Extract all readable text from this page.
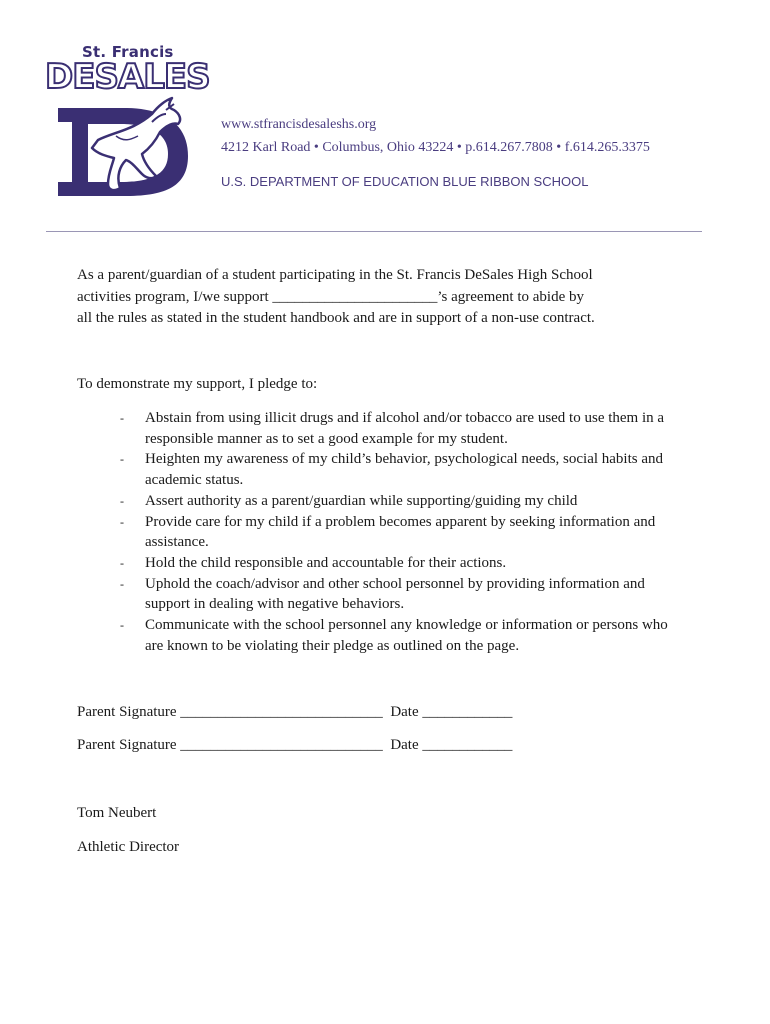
St. Francis
DESALES
www.stfrancisdesaleshs.org
4212 Karl Road • Columbus, Ohio 43224 • p.614.267.7808 • f.614.265.3375
U.S. DEPARTMENT OF EDUCATION BLUE RIBBON SCHOOL
As a parent/guardian of a student participating in the St. Francis DeSales High School
activities program, I/we support ______________________’s agreement to abide by
all the rules as stated in the student handbook and are in support of a non-use contract.
To demonstrate my support, I pledge to:
- Abstain from using illicit drugs and if alcohol and/or tobacco are used to use them in a responsible manner as to set a good example for my student.
- Heighten my awareness of my child’s behavior, psychological needs, social habits and academic status.
- Assert authority as a parent/guardian while supporting/guiding my child
- Provide care for my child if a problem becomes apparent by seeking information and assistance.
- Hold the child responsible and accountable for their actions.
- Uphold the coach/advisor and other school personnel by providing information and support in dealing with negative behaviors.
- Communicate with the school personnel any knowledge or information or persons who are known to be violating their pledge as outlined on the page.
Parent Signature ___________________________ Date ____________
Parent Signature ___________________________ Date ____________
Tom Neubert
Athletic Director
